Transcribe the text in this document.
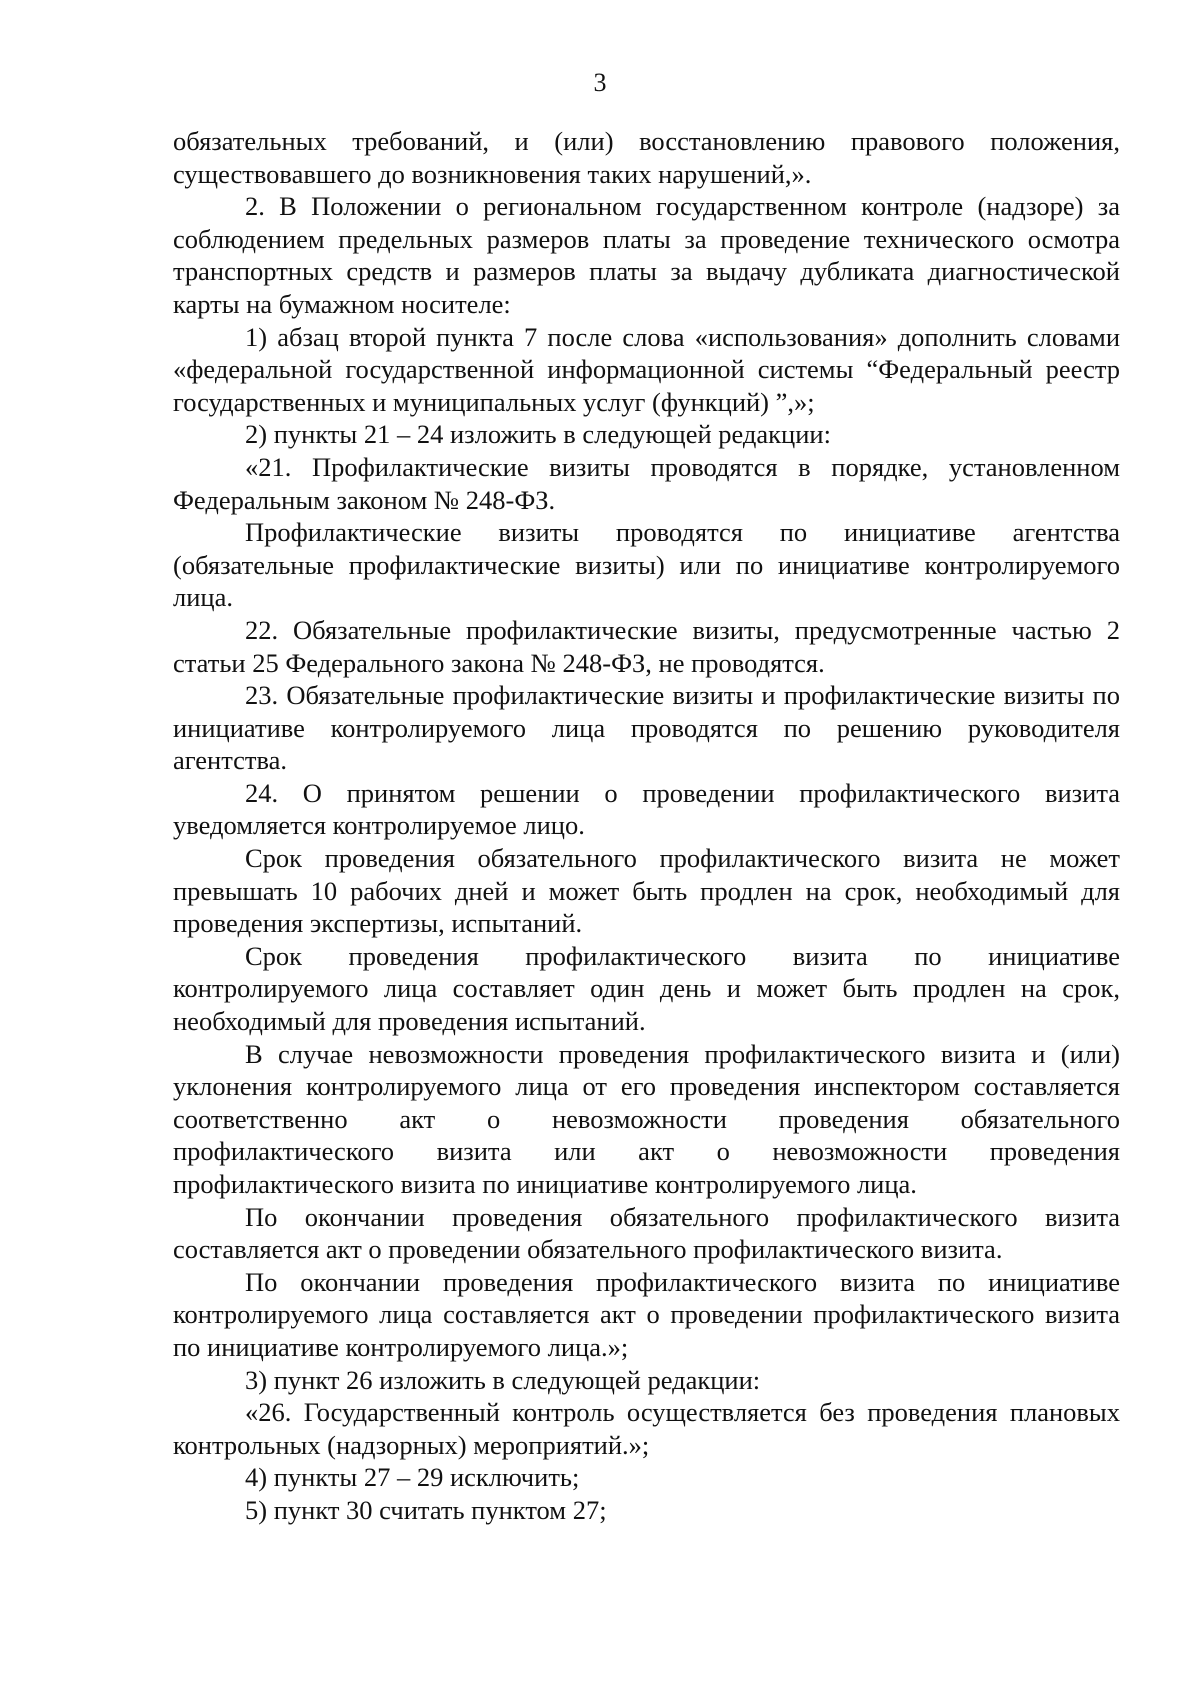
3

обязательных требований, и (или) восстановлению правового положения, существовавшего до возникновения таких нарушений,».

2. В Положении о региональном государственном контроле (надзоре) за соблюдением предельных размеров платы за проведение технического осмотра транспортных средств и размеров платы за выдачу дубликата диагностической карты на бумажном носителе:

1) абзац второй пункта 7 после слова «использования» дополнить словами «федеральной государственной информационной системы “Федеральный реестр государственных и муниципальных услуг (функций) ”,»;

2) пункты 21 – 24 изложить в следующей редакции:

«21. Профилактические визиты проводятся в порядке, установленном Федеральным законом № 248-ФЗ.

Профилактические визиты проводятся по инициативе агентства (обязательные профилактические визиты) или по инициативе контролируемого лица.

22. Обязательные профилактические визиты, предусмотренные частью 2 статьи 25 Федерального закона № 248-ФЗ, не проводятся.

23. Обязательные профилактические визиты и профилактические визиты по инициативе контролируемого лица проводятся по решению руководителя агентства.

24. О принятом решении о проведении профилактического визита уведомляется контролируемое лицо.

Срок проведения обязательного профилактического визита не может превышать 10 рабочих дней и может быть продлен на срок, необходимый для проведения экспертизы, испытаний.

Срок проведения профилактического визита по инициативе контролируемого лица составляет один день и может быть продлен на срок, необходимый для проведения испытаний.

В случае невозможности проведения профилактического визита и (или) уклонения контролируемого лица от его проведения инспектором составляется соответственно акт о невозможности проведения обязательного профилактического визита или акт о невозможности проведения профилактического визита по инициативе контролируемого лица.

По окончании проведения обязательного профилактического визита составляется акт о проведении обязательного профилактического визита.

По окончании проведения профилактического визита по инициативе контролируемого лица составляется акт о проведении профилактического визита по инициативе контролируемого лица.»;

3) пункт 26 изложить в следующей редакции:

«26. Государственный контроль осуществляется без проведения плановых контрольных (надзорных) мероприятий.»;

4) пункты 27 – 29 исключить;

5) пункт 30 считать пунктом 27;
